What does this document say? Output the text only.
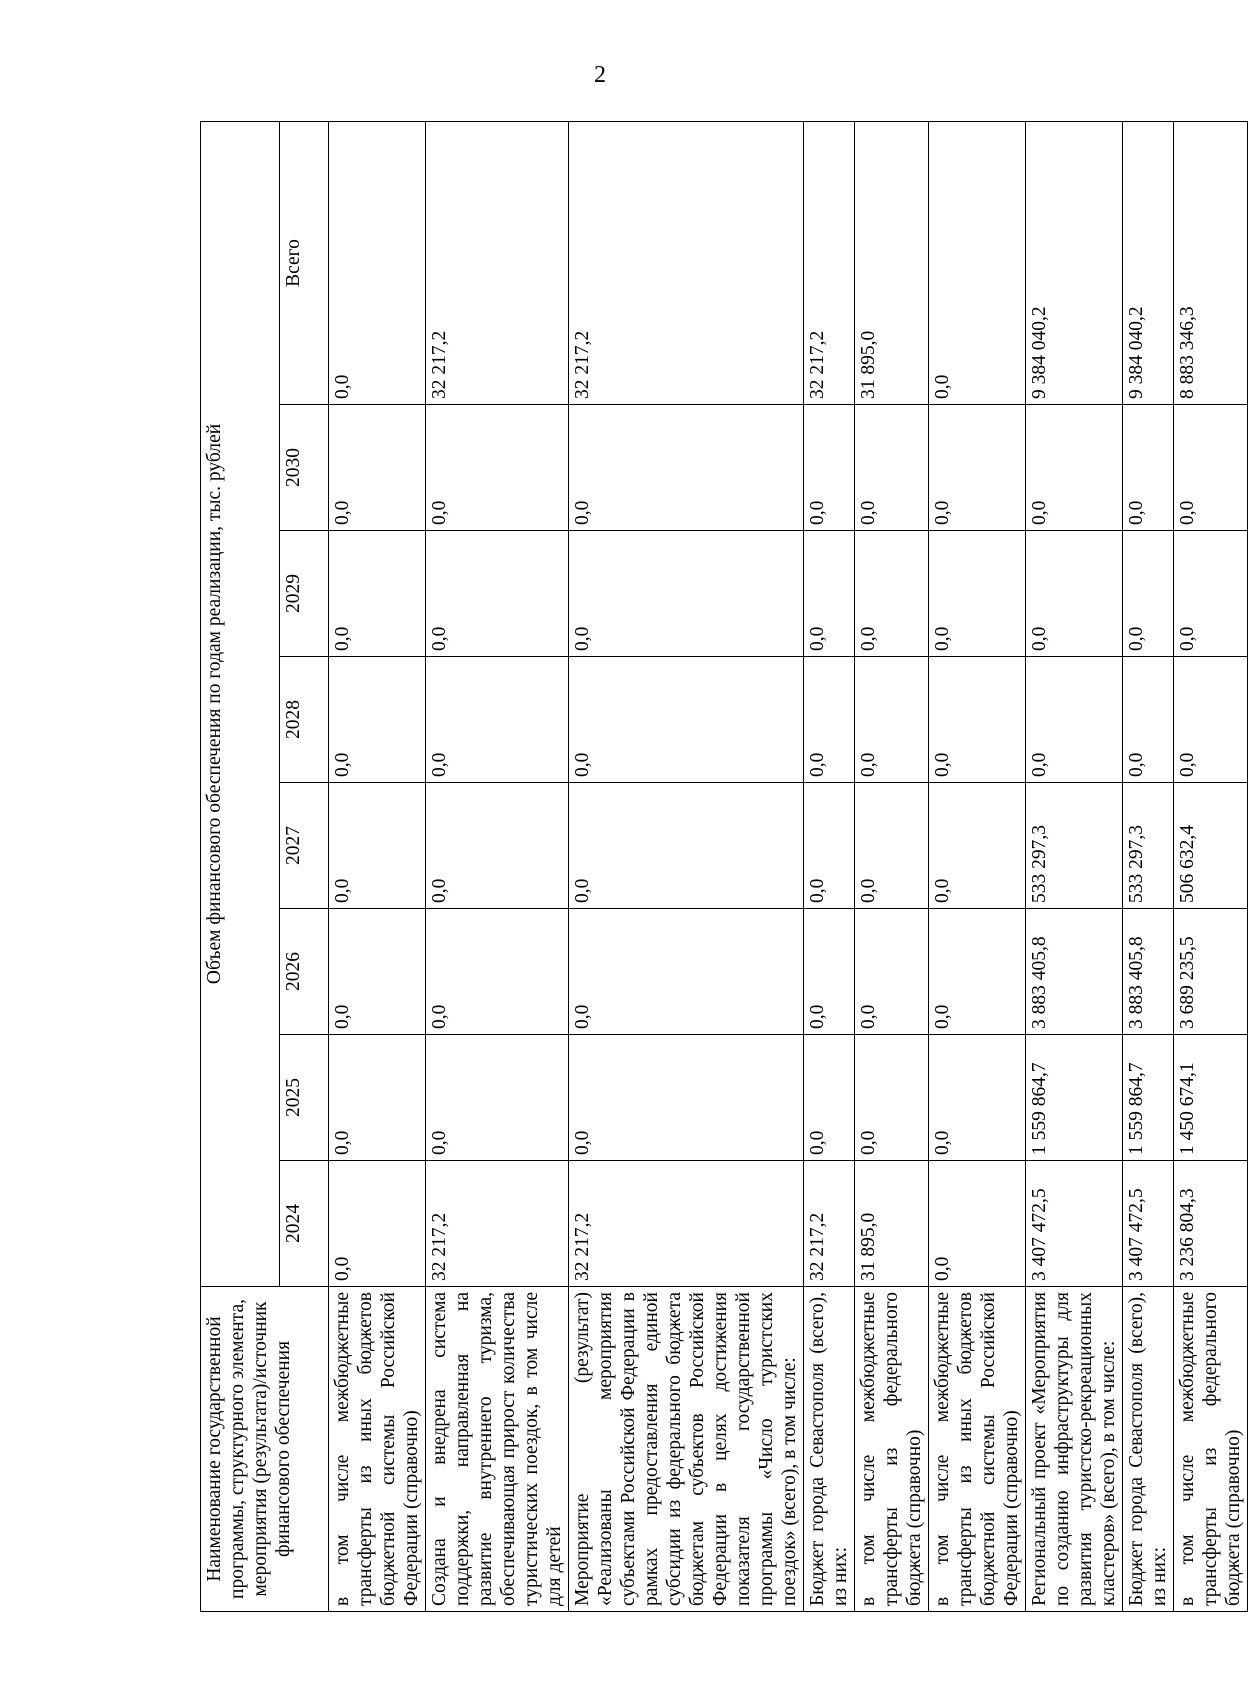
2
Наименование государственной программы, структурного элемента, мероприятия (результата)/источник финансового обеспечения	Объем финансового обеспечения по годам реализации, тыс. рублей							
	2024	2025	2026	2027	2028	2029	2030	Всего
в том числе межбюджетные трансферты из иных бюджетов бюджетной системы Российской Федерации (справочно)	0,0	0,0	0,0	0,0	0,0	0,0	0,0	0,0
Создана и внедрена система поддержки, направленная на развитие внутреннего туризма, обеспечивающая прирост количества туристических поездок, в том числе для детей	32 217,2	0,0	0,0	0,0	0,0	0,0	0,0	32 217,2
Мероприятие (результат) «Реализованы мероприятия субъектами Российской Федерации в рамках предоставления единой субсидии из федерального бюджета бюджетам субъектов Российской Федерации в целях достижения показателя государственной программы «Число туристских поездок» (всего), в том числе:	32 217,2	0,0	0,0	0,0	0,0	0,0	0,0	32 217,2
Бюджет города Севастополя (всего), из них:	32 217,2	0,0	0,0	0,0	0,0	0,0	0,0	32 217,2
в том числе межбюджетные трансферты из федерального бюджета (справочно)	31 895,0	0,0	0,0	0,0	0,0	0,0	0,0	31 895,0
в том числе межбюджетные трансферты из иных бюджетов бюджетной системы Российской Федерации (справочно)	0,0	0,0	0,0	0,0	0,0	0,0	0,0	0,0
Региональный проект «Мероприятия по созданию инфраструктуры для развития туристско-рекреационных кластеров» (всего), в том числе:	3 407 472,5	1 559 864,7	3 883 405,8	533 297,3	0,0	0,0	0,0	9 384 040,2
Бюджет города Севастополя (всего), из них:	3 407 472,5	1 559 864,7	3 883 405,8	533 297,3	0,0	0,0	0,0	9 384 040,2
в том числе межбюджетные трансферты из федерального бюджета (справочно)	3 236 804,3	1 450 674,1	3 689 235,5	506 632,4	0,0	0,0	0,0	8 883 346,3
